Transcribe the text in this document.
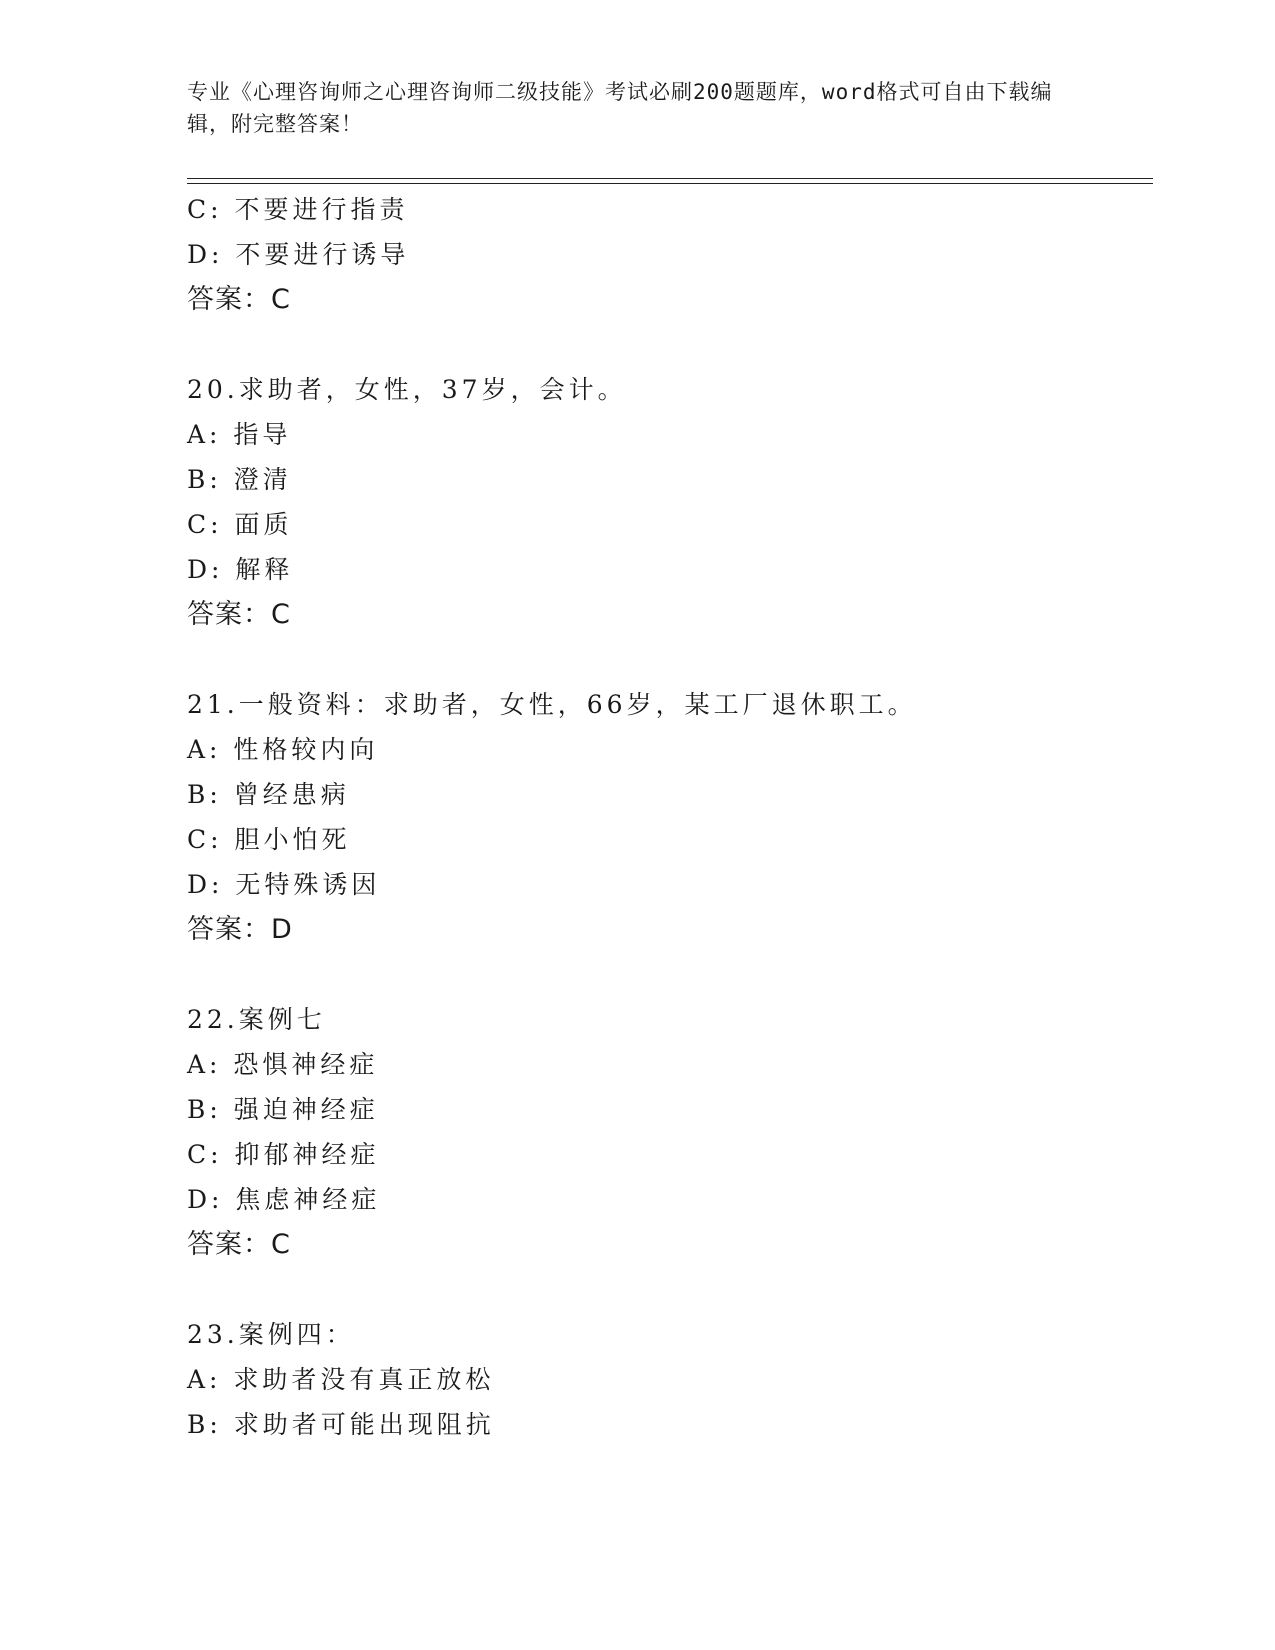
专业《心理咨询师之心理咨询师二级技能》考试必刷200题题库，word格式可自由下载编辑，附完整答案！
C: 不要进行指责
D: 不要进行诱导
答案：C
20.求助者，女性，37岁，会计。
A: 指导
B: 澄清
C: 面质
D: 解释
答案：C
21.一般资料：求助者，女性，66岁，某工厂退休职工。
A: 性格较内向
B: 曾经患病
C: 胆小怕死
D: 无特殊诱因
答案：D
22.案例七
A: 恐惧神经症
B: 强迫神经症
C: 抑郁神经症
D: 焦虑神经症
答案：C
23.案例四：
A: 求助者没有真正放松
B: 求助者可能出现阻抗
